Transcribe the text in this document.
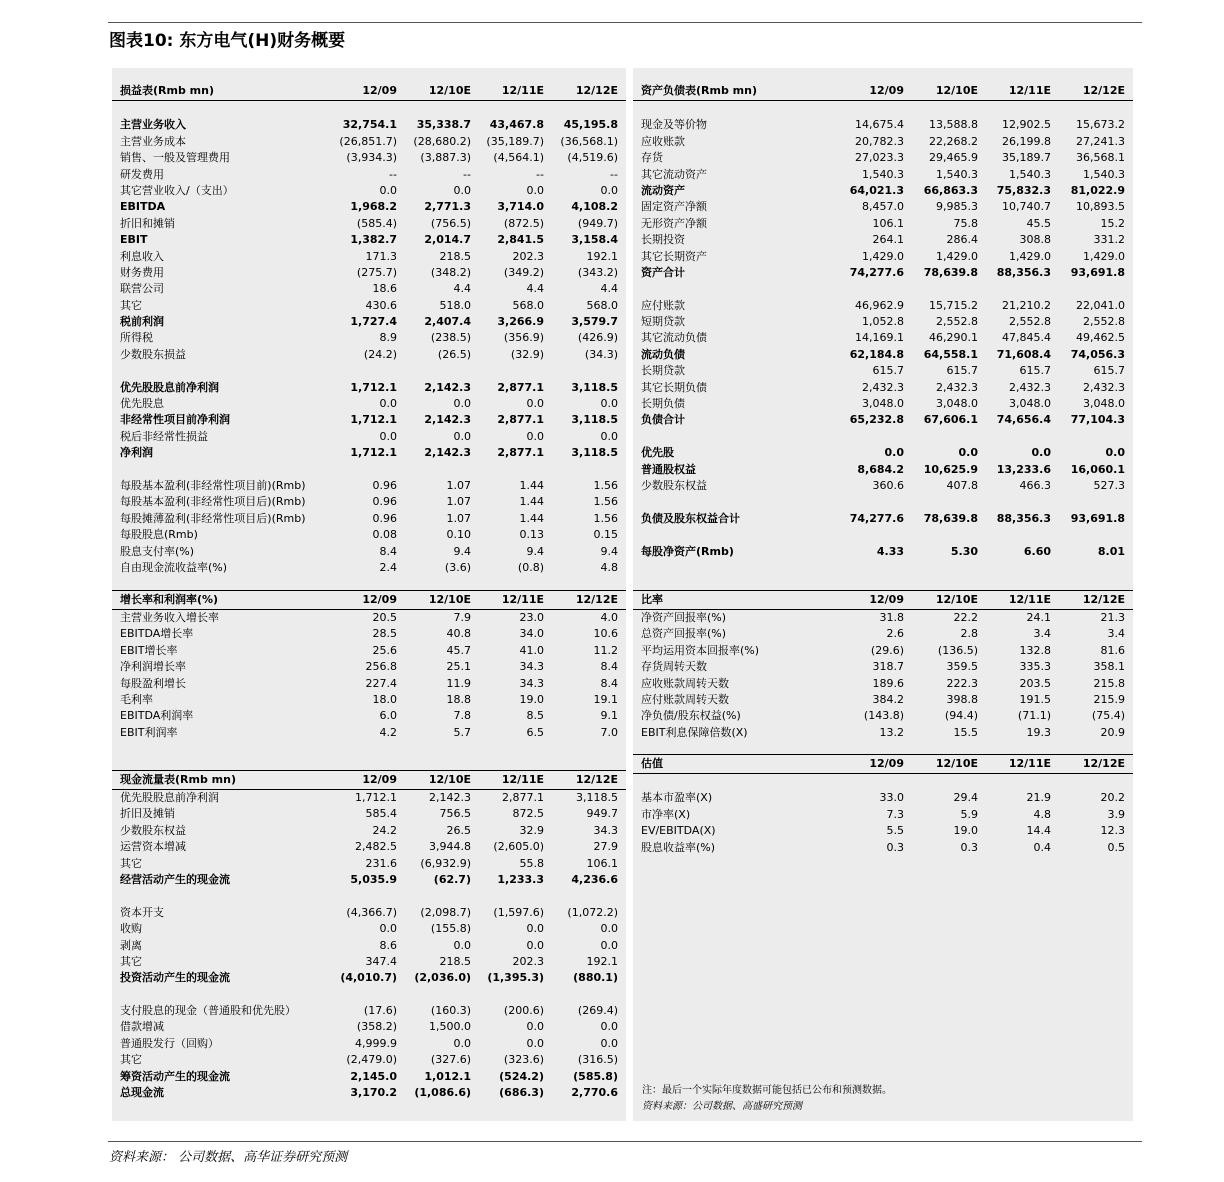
图表10: 东方电气(H)财务概要
损益表(Rmb mn)	12/09	12/10E	12/11E	12/12E
主营业务收入	32,754.1 35,338.7 43,467.8 45,195.8
主营业务成本	(26,851.7) (28,680.2) (35,189.7) (36,568.1)
销售、一般及管理费用	(3,934.3) (3,887.3) (4,564.1) (4,519.6)
研发费用	--	--	--	--
其它营业收入/（支出）	0.0	0.0	0.0	0.0
EBITDA	1,968.2 2,771.3 3,714.0 4,108.2
折旧和摊销	(585.4)	(756.5)	(872.5)	(949.7)
EBIT	1,382.7 2,014.7 2,841.5 3,158.4
利息收入	171.3	218.5	202.3	192.1
财务费用	(275.7)	(348.2)	(349.2)	(343.2)
联营公司	18.6	4.4	4.4	4.4
其它	430.6	518.0	568.0	568.0
税前利润	1,727.4 2,407.4 3,266.9 3,579.7
所得税	8.9	(238.5)	(356.9)	(426.9)
少数股东损益	(24.2)	(26.5)	(32.9)	(34.3)
优先股股息前净利润	1,712.1 2,142.3 2,877.1 3,118.5
优先股息	0.0	0.0	0.0	0.0
非经常性项目前净利润	1,712.1 2,142.3 2,877.1 3,118.5
税后非经常性损益	0.0	0.0	0.0	0.0
净利润	1,712.1 2,142.3 2,877.1 3,118.5
每股基本盈利(非经常性项目前)(Rmb)	0.96	1.07	1.44	1.56
每股基本盈利(非经常性项目后)(Rmb)	0.96	1.07	1.44	1.56
每股摊薄盈利(非经常性项目后)(Rmb)	0.96	1.07	1.44	1.56
每股股息(Rmb)	0.08	0.10	0.13	0.15
股息支付率(%)	8.4	9.4	9.4	9.4
自由现金流收益率(%)	2.4	(3.6)	(0.8)	4.8
增长率和利润率(%)	12/09	12/10E	12/11E	12/12E
主营业务收入增长率	20.5	7.9	23.0	4.0
EBITDA增长率	28.5	40.8	34.0	10.6
EBIT增长率	25.6	45.7	41.0	11.2
净利润增长率	256.8	25.1	34.3	8.4
每股盈利增长	227.4	11.9	34.3	8.4
毛利率	18.0	18.8	19.0	19.1
EBITDA利润率	6.0	7.8	8.5	9.1
EBIT利润率	4.2	5.7	6.5	7.0
现金流量表(Rmb mn)	12/09	12/10E	12/11E	12/12E
优先股股息前净利润	1,712.1	2,142.3	2,877.1	3,118.5
折旧及摊销	585.4	756.5	872.5	949.7
少数股东权益	24.2	26.5	32.9	34.3
运营资本增减	2,482.5	3,944.8 (2,605.0)	27.9
其它	231.6 (6,932.9)	55.8	106.1
经营活动产生的现金流	5,035.9	(62.7) 1,233.3 4,236.6
资本开支	(4,366.7) (2,098.7) (1,597.6) (1,072.2)
收购	0.0	(155.8)	0.0	0.0
剥离	8.6	0.0	0.0	0.0
其它	347.4	218.5	202.3	192.1
投资活动产生的现金流	(4,010.7) (2,036.0) (1,395.3)	(880.1)
支付股息的现金（普通股和优先股）	(17.6)	(160.3)	(200.6)	(269.4)
借款增减	(358.2)	1,500.0	0.0	0.0
普通股发行（回购）	4,999.9	0.0	0.0	0.0
其它	(2,479.0)	(327.6)	(323.6)	(316.5)
筹资活动产生的现金流	2,145.0 1,012.1	(524.2)	(585.8)
总现金流	3,170.2 (1,086.6)	(686.3) 2,770.6
资产负债表(Rmb mn)	12/09	12/10E	12/11E	12/12E
现金及等价物	14,675.4 13,588.8 12,902.5 15,673.2
应收账款	20,782.3 22,268.2 26,199.8 27,241.3
存货	27,023.3 29,465.9 35,189.7 36,568.1
其它流动资产	1,540.3	1,540.3	1,540.3	1,540.3
流动资产	64,021.3 66,863.3 75,832.3 81,022.9
固定资产净额	8,457.0	9,985.3 10,740.7 10,893.5
无形资产净额	106.1	75.8	45.5	15.2
长期投资	264.1	286.4	308.8	331.2
其它长期资产	1,429.0	1,429.0	1,429.0	1,429.0
资产合计	74,277.6 78,639.8 88,356.3 93,691.8
应付账款	46,962.9 15,715.2 21,210.2 22,041.0
短期贷款	1,052.8	2,552.8	2,552.8	2,552.8
其它流动负债	14,169.1 46,290.1 47,845.4 49,462.5
流动负债	62,184.8 64,558.1 71,608.4 74,056.3
长期贷款	615.7	615.7	615.7	615.7
其它长期负债	2,432.3	2,432.3	2,432.3	2,432.3
长期负债	3,048.0	3,048.0	3,048.0	3,048.0
负债合计	65,232.8 67,606.1 74,656.4 77,104.3
优先股	0.0	0.0	0.0	0.0
普通股权益	8,684.2 10,625.9 13,233.6 16,060.1
少数股东权益	360.6	407.8	466.3	527.3
负债及股东权益合计	74,277.6 78,639.8 88,356.3 93,691.8
每股净资产(Rmb)	4.33	5.30	6.60	8.01
比率	12/09	12/10E	12/11E	12/12E
净资产回报率(%)	31.8	22.2	24.1	21.3
总资产回报率(%)	2.6	2.8	3.4	3.4
平均运用资本回报率(%)	(29.6)	(136.5)	132.8	81.6
存货周转天数	318.7	359.5	335.3	358.1
应收账款周转天数	189.6	222.3	203.5	215.8
应付账款周转天数	384.2	398.8	191.5	215.9
净负债/股东权益(%)	(143.8)	(94.4)	(71.1)	(75.4)
EBIT利息保障倍数(X)	13.2	15.5	19.3	20.9
估值	12/09	12/10E	12/11E	12/12E
基本市盈率(X)	33.0	29.4	21.9	20.2
市净率(X)	7.3	5.9	4.8	3.9
EV/EBITDA(X)	5.5	19.0	14.4	12.3
股息收益率(%)	0.3	0.3	0.4	0.5
注：最后一个实际年度数据可能包括已公布和预测数据。
资料来源：公司数据、高盛研究预测
资料来源： 公司数据、高华证券研究预测
